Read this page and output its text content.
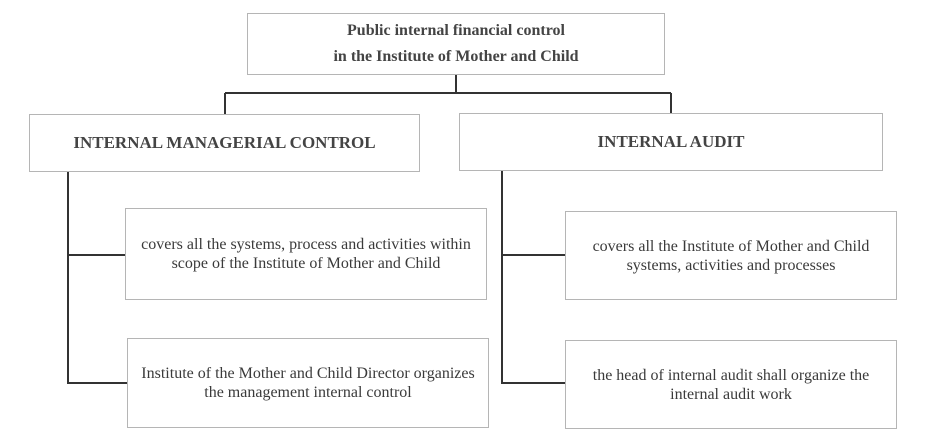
Public internal financial control
in the Institute of Mother and Child
INTERNAL MANAGERIAL CONTROL	INTERNAL AUDIT
covers all the systems, process and activities within scope of the Institute of Mother and Child
Institute of the Mother and Child Director organizes the management internal control
covers all the Institute of Mother and Child systems, activities and processes
the head of internal audit shall organize the internal audit work
